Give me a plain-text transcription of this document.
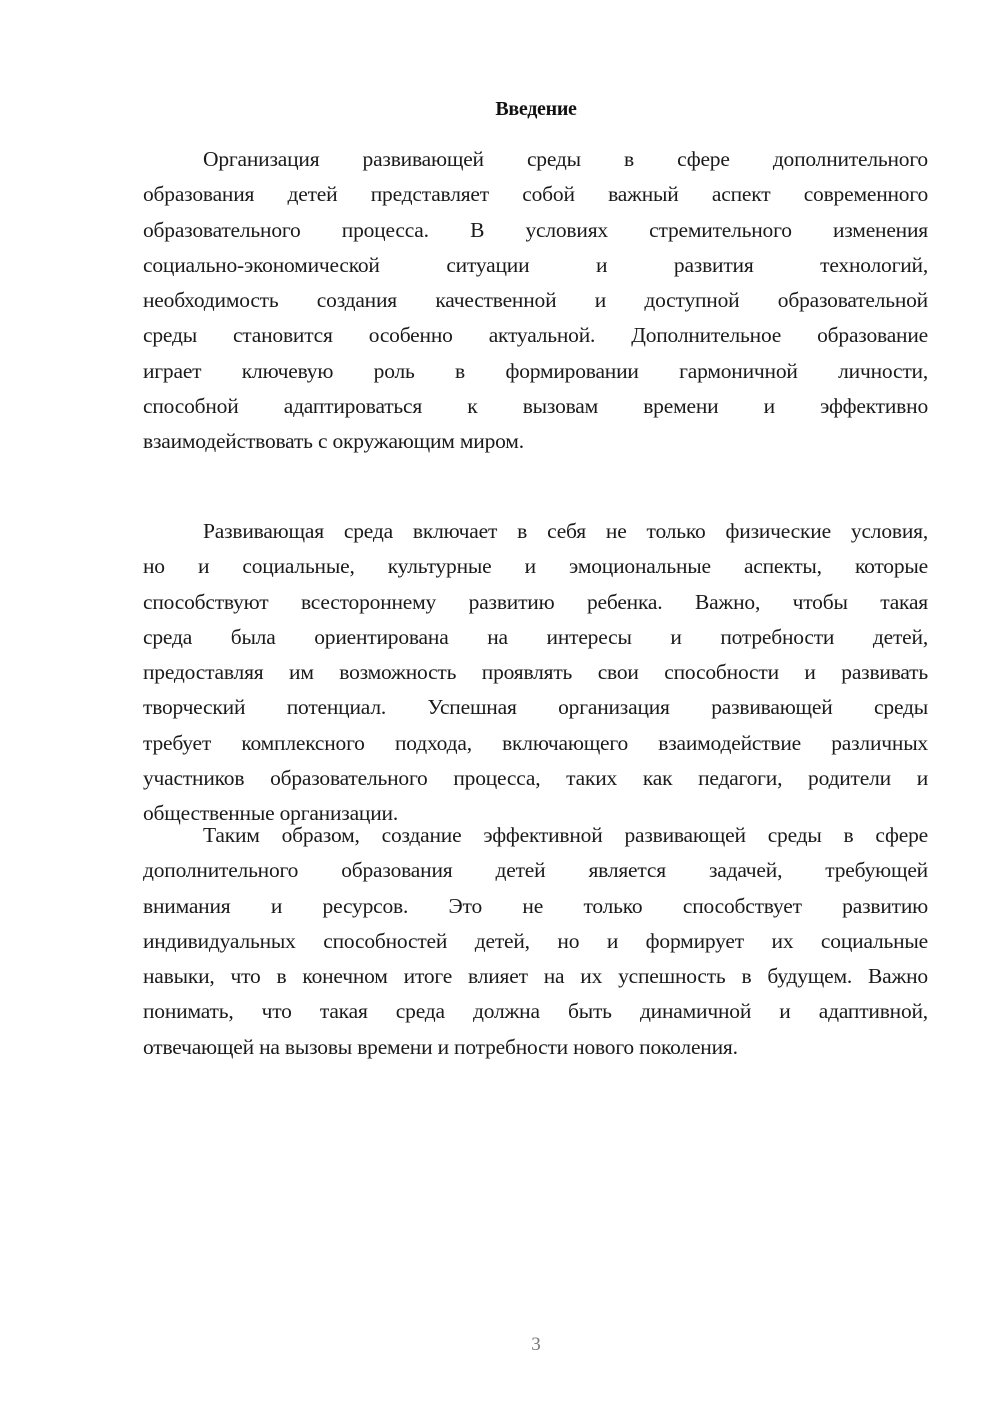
Введение
Организация развивающей среды в сфере дополнительного
образования детей представляет собой важный аспект современного
образовательного процесса. В условиях стремительного изменения
социально-экономической ситуации и развития технологий,
необходимость создания качественной и доступной образовательной
среды становится особенно актуальной. Дополнительное образование
играет ключевую роль в формировании гармоничной личности,
способной адаптироваться к вызовам времени и эффективно
взаимодействовать с окружающим миром.
Развивающая среда включает в себя не только физические условия,
но и социальные, культурные и эмоциональные аспекты, которые
способствуют всестороннему развитию ребенка. Важно, чтобы такая
среда была ориентирована на интересы и потребности детей,
предоставляя им возможность проявлять свои способности и развивать
творческий потенциал. Успешная организация развивающей среды
требует комплексного подхода, включающего взаимодействие различных
участников образовательного процесса, таких как педагоги, родители и
общественные организации.
Таким образом, создание эффективной развивающей среды в сфере
дополнительного образования детей является задачей, требующей
внимания и ресурсов. Это не только способствует развитию
индивидуальных способностей детей, но и формирует их социальные
навыки, что в конечном итоге влияет на их успешность в будущем. Важно
понимать, что такая среда должна быть динамичной и адаптивной,
отвечающей на вызовы времени и потребности нового поколения.
3
